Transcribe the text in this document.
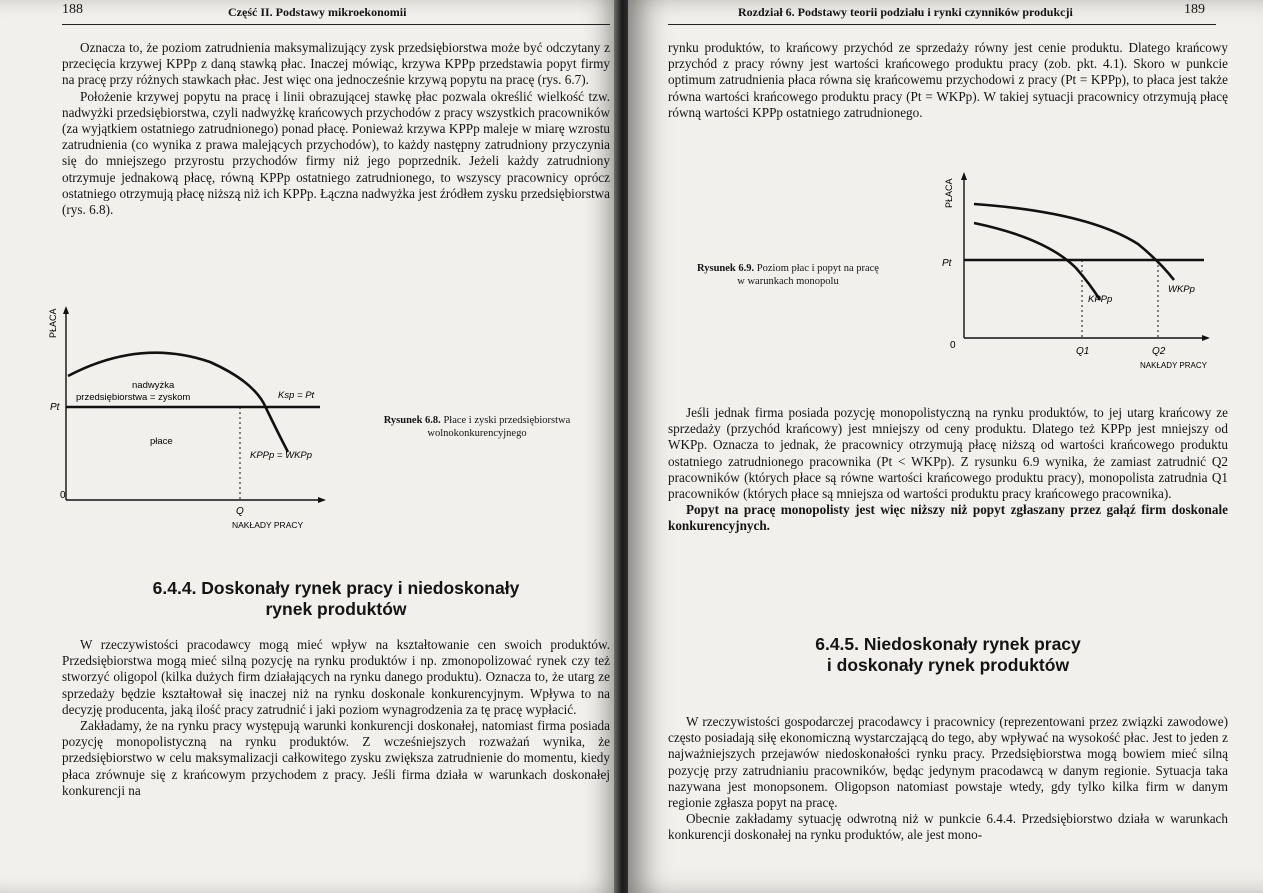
188	Część II. Podstawy mikroekonomii

Oznacza to, że poziom zatrudnienia maksymalizujący zysk przedsiębiorstwa może być odczytany z przecięcia krzywej KPPp z daną stawką płac. Inaczej mówiąc, krzywa KPPp przedstawia popyt firmy na pracę przy różnych stawkach płac. Jest więc ona jednocześnie krzywą popytu na pracę (rys. 6.7).

Położenie krzywej popytu na pracę i linii obrazującej stawkę płac pozwala określić wielkość tzw. nadwyżki przedsiębiorstwa, czyli nadwyżkę krańcowych przychodów z pracy wszystkich pracowników (za wyjątkiem ostatniego zatrudnionego) ponad płacę. Ponieważ krzywa KPPp maleje w miarę wzrostu zatrudnienia (co wynika z prawa malejących przychodów), to każdy następny zatrudniony przyczynia się do mniejszego przyrostu przychodów firmy niż jego poprzednik. Jeżeli każdy zatrudniony otrzymuje jednakową płacę, równą KPPp ostatniego zatrudnionego, to wszyscy pracownicy oprócz ostatniego otrzymują płacę niższą niż ich KPPp. Łączna nadwyżka jest źródłem zysku przedsiębiorstwa (rys. 6.8).

PŁACA
0
Pt
nadwyżka
przedsiębiorstwa = zyskom
płace
Ksp = Pt
KPPp = WKPp
Q
NAKŁADY PRACY
Rysunek 6.8. Płace i zyski przedsiębiorstwa
wolnokonkurencyjnego
6.4.4. Doskonały rynek pracy i niedoskonały
rynek produktów

W rzeczywistości pracodawcy mogą mieć wpływ na kształtowanie cen swoich produktów. Przedsiębiorstwa mogą mieć silną pozycję na rynku produktów i np. zmonopolizować rynek czy też stworzyć oligopol (kilka dużych firm działających na rynku danego produktu). Oznacza to, że utarg ze sprzedaży będzie kształtował się inaczej niż na rynku doskonale konkurencyjnym. Wpływa to na decyzję producenta, jaką ilość pracy zatrudnić i jaki poziom wynagrodzenia za tę pracę wypłacić.

Zakładamy, że na rynku pracy występują warunki konkurencji doskonałej, natomiast firma posiada pozycję monopolistyczną na rynku produktów. Z wcześniejszych rozważań wynika, że przedsiębiorstwo w celu maksymalizacji całkowitego zysku zwiększa zatrudnienie do momentu, kiedy płaca zrównuje się z krańcowym przychodem z pracy. Jeśli firma działa w warunkach doskonałej konkurencji na

Rozdział 6. Podstawy teorii podziału i rynki czynników produkcji	189

rynku produktów, to krańcowy przychód ze sprzedaży równy jest cenie produktu. Dlatego krańcowy przychód z pracy równy jest wartości krańcowego produktu pracy (zob. pkt. 4.1). Skoro w punkcie optimum zatrudnienia płaca równa się krańcowemu przychodowi z pracy (Pt = KPPp), to płaca jest także równa wartości krańcowego produktu pracy (Pt = WKPp). W takiej sytuacji pracownicy otrzymują płacę równą wartości KPPp ostatniego zatrudnionego.

Rysunek 6.9. Poziom płac i popyt na pracę
w warunkach monopolu
PŁACA
0
Pt
KPPp
WKPp
Q1	Q2
NAKŁADY PRACY

Jeśli jednak firma posiada pozycję monopolistyczną na rynku produktów, to jej utarg krańcowy ze sprzedaży (przychód krańcowy) jest mniejszy od ceny produktu. Dlatego też KPPp jest mniejszy od WKPp. Oznacza to jednak, że pracownicy otrzymują płacę niższą od wartości krańcowego produktu ostatniego zatrudnionego pracownika (Pt < WKPp). Z rysunku 6.9 wynika, że zamiast zatrudnić Q2 pracowników (których płace są równe wartości krańcowego produktu pracy), monopolista zatrudnia Q1 pracowników (których płace są mniejsza od wartości produktu pracy krańcowego pracownika).

Popyt na pracę monopolisty jest więc niższy niż popyt zgłaszany przez gałąź firm doskonale konkurencyjnych.

6.4.5. Niedoskonały rynek pracy
i doskonały rynek produktów

W rzeczywistości gospodarczej pracodawcy i pracownicy (reprezentowani przez związki zawodowe) często posiadają siłę ekonomiczną wystarczającą do tego, aby wpływać na wysokość płac. Jest to jeden z najważniejszych przejawów niedoskonałości rynku pracy. Przedsiębiorstwa mogą bowiem mieć silną pozycję przy zatrudnianiu pracowników, będąc jedynym pracodawcą w danym regionie. Sytuacja taka nazywana jest monopsonem. Oligopson natomiast powstaje wtedy, gdy tylko kilka firm w danym regionie zgłasza popyt na pracę.

Obecnie zakładamy sytuację odwrotną niż w punkcie 6.4.4. Przedsiębiorstwo działa w warunkach konkurencji doskonałej na rynku produktów, ale jest mono-
